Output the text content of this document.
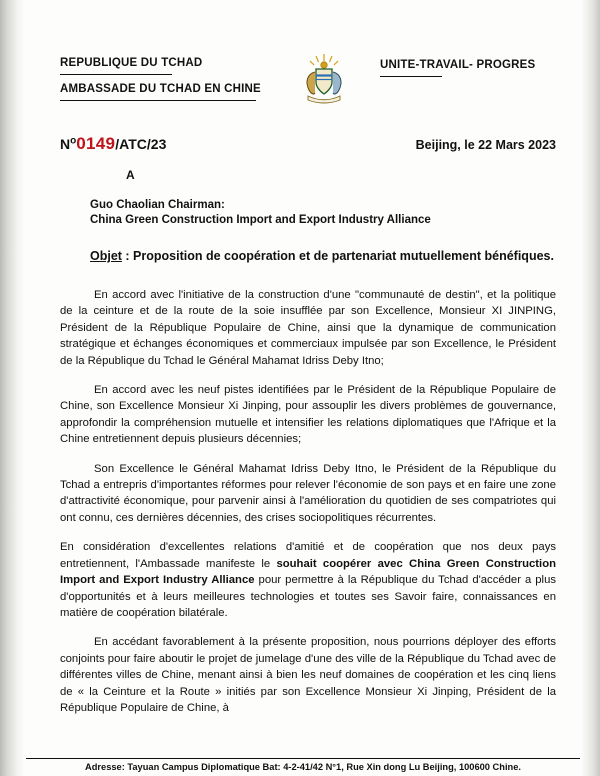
REPUBLIQUE DU TCHAD
AMBASSADE DU TCHAD EN CHINE
UNITE-TRAVAIL- PROGRES
$N^o0149/ATC/23$	Beijing, le 22 Mars 2023
A
Guo Chaolian Chairman:
China Green Construction Import and Export Industry Alliance
Objet : Proposition de coopération et de partenariat mutuellement bénéfiques.

En accord avec l'initiative de la construction d'une "communauté de destin", et la politique de la ceinture et de la route de la soie insufflée par son Excellence, Monsieur XI JINPING, Président de la République Populaire de Chine, ainsi que la dynamique de communication stratégique et échanges économiques et commerciaux impulsée par son Excellence, le Président de la République du Tchad le Général Mahamat Idriss Deby Itno;

En accord avec les neuf pistes identifiées par le Président de la République Populaire de Chine, son Excellence Monsieur Xi Jinping, pour assouplir les divers problèmes de gouvernance, approfondir la compréhension mutuelle et intensifier les relations diplomatiques que l'Afrique et la Chine entretiennent depuis plusieurs décennies;

Son Excellence le Général Mahamat Idriss Deby Itno, le Président de la République du Tchad a entrepris d'importantes réformes pour relever l'économie de son pays et en faire une zone d'attractivité économique, pour parvenir ainsi à l'amélioration du quotidien de ses compatriotes qui ont connu, ces dernières décennies, des crises sociopolitiques récurrentes.

En considération d'excellentes relations d'amitié et de coopération que nos deux pays entretiennent, l'Ambassade manifeste le souhait coopérer avec China Green Construction Import and Export Industry Alliance pour permettre à la République du Tchad d'accéder a plus d'opportunités et à leurs meilleures technologies et toutes ses Savoir faire, connaissances en matière de coopération bilatérale.

En accédant favorablement à la présente proposition, nous pourrions déployer des efforts conjoints pour faire aboutir le projet de jumelage d'une des ville de la République du Tchad avec de différentes villes de Chine, menant ainsi à bien les neuf domaines de coopération et les cinq liens de « la Ceinture et la Route » initiés par son Excellence Monsieur Xi Jinping, Président de la République Populaire de Chine, à

Adresse: Tayuan Campus Diplomatique Bat: 4-2-41/42 N°1, Rue Xin dong Lu Beijing, 100600 Chine.
